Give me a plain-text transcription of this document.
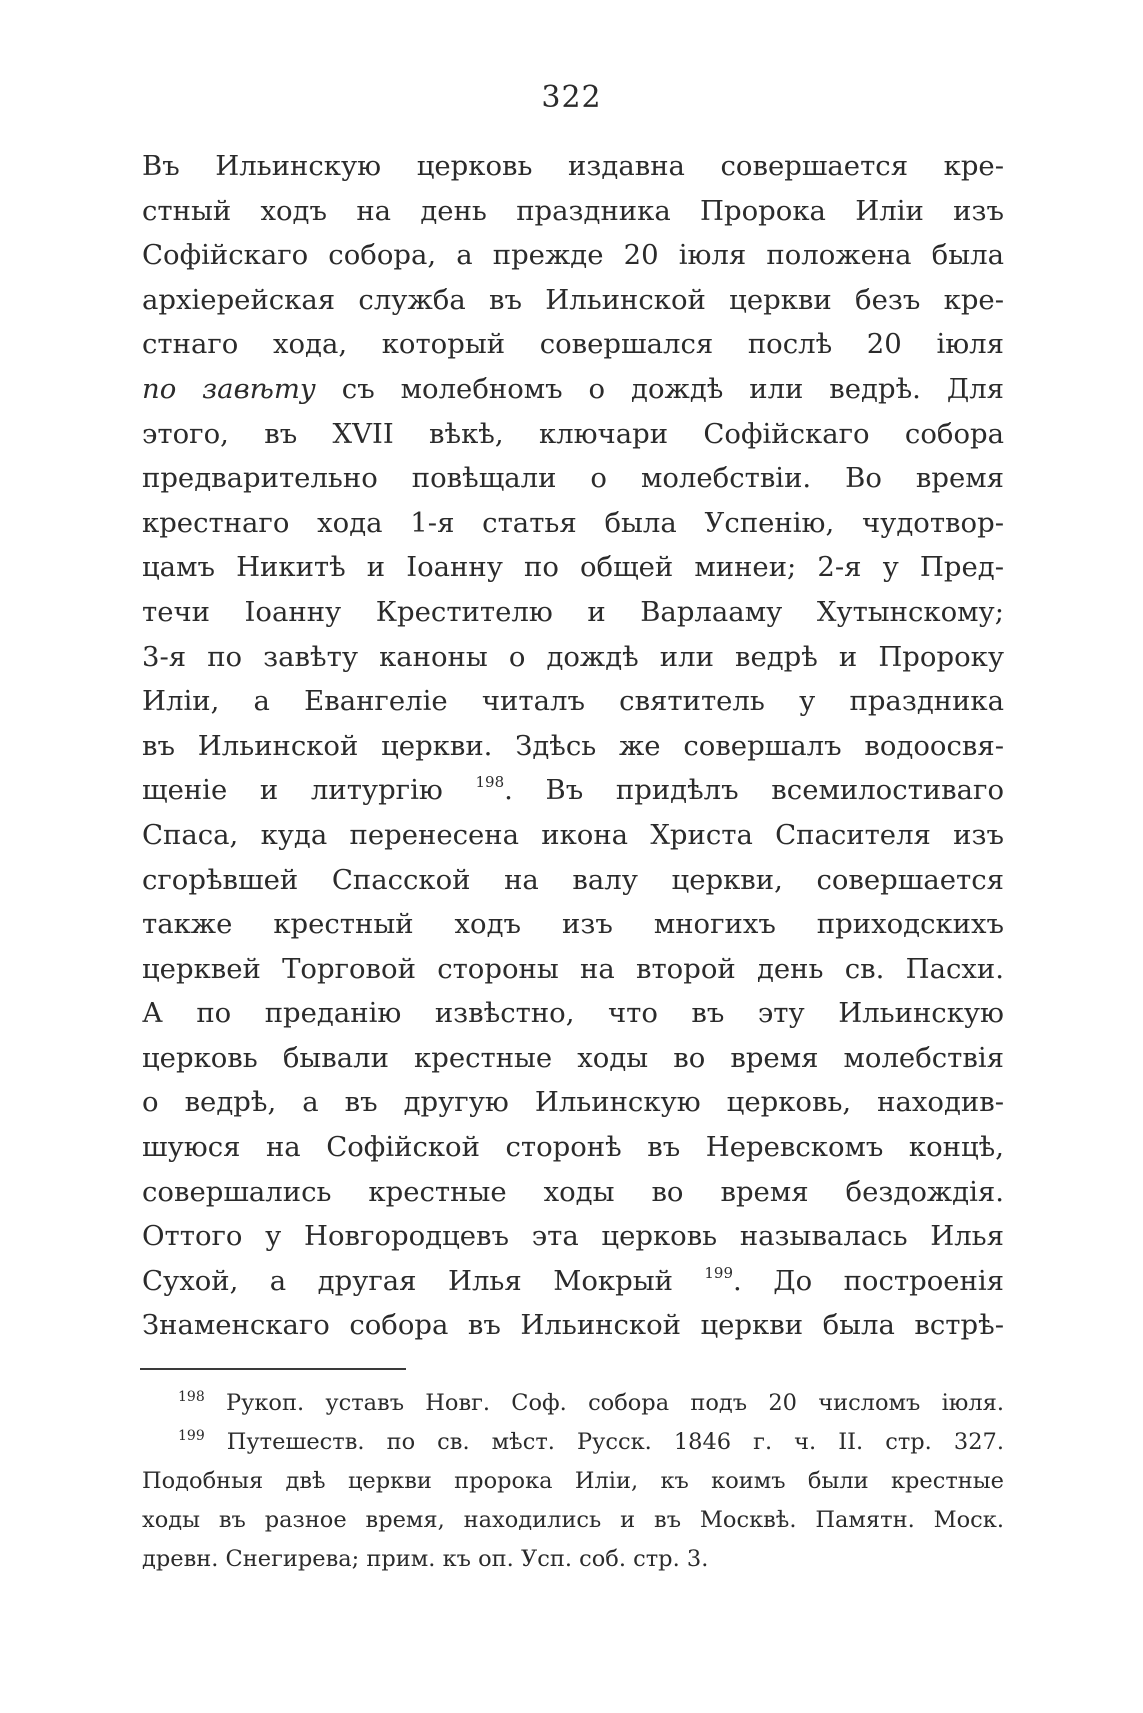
322
Въ Ильинскую церковь издавна совершается кре-
стный ходъ на день праздника Пророка Иліи изъ
Софійскаго собора, а прежде 20 іюля положена была
архіерейская служба въ Ильинской церкви безъ кре-
стнаго хода, который совершался послѣ 20 іюля
по завѣту съ молебномъ о дождѣ или ведрѣ. Для
этого, въ XVII вѣкѣ, ключари Софійскаго собора
предварительно повѣщали о молебствіи. Во время
крестнаго хода 1-я статья была Успенію, чудотвор-
цамъ Никитѣ и Іоанну по общей минеи; 2-я у Пред-
течи Іоанну Крестителю и Варлааму Хутынскому;
3-я по завѣту каноны о дождѣ или ведрѣ и Пророку
Иліи, а Евангеліе читалъ святитель у праздника
въ Ильинской церкви. Здѣсь же совершалъ водоосвя-
щеніе и литургію $^{198}$. Въ придѣлъ всемилостиваго
Спаса, куда перенесена икона Христа Спасителя изъ
сгорѣвшей Спасской на валу церкви, совершается
также крестный ходъ изъ многихъ приходскихъ
церквей Торговой стороны на второй день св. Пасхи.
А по преданію извѣстно, что въ эту Ильинскую
церковь бывали крестные ходы во время молебствія
о ведрѣ, а въ другую Ильинскую церковь, находив-
шуюся на Софійской сторонѣ въ Неревскомъ концѣ,
совершались крестные ходы во время бездождія.
Оттого у Новгородцевъ эта церковь называлась Илья
Сухой, а другая Илья Мокрый $^{199}$. До построенія
Знаменскаго собора въ Ильинской церкви была встрѣ-
$^{198}$ Рукоп. уставъ Новг. Соф. собора подъ 20 числомъ іюля.
$^{199}$ Путешеств. по св. мѣст. Русск. 1846 г. ч. II. стр. 327.
Подобныя двѣ церкви пророка Иліи, къ коимъ были крестные
ходы въ разное время, находились и въ Москвѣ. Памятн. Моск.
древн. Снегирева; прим. къ оп. Усп. соб. стр. 3.
